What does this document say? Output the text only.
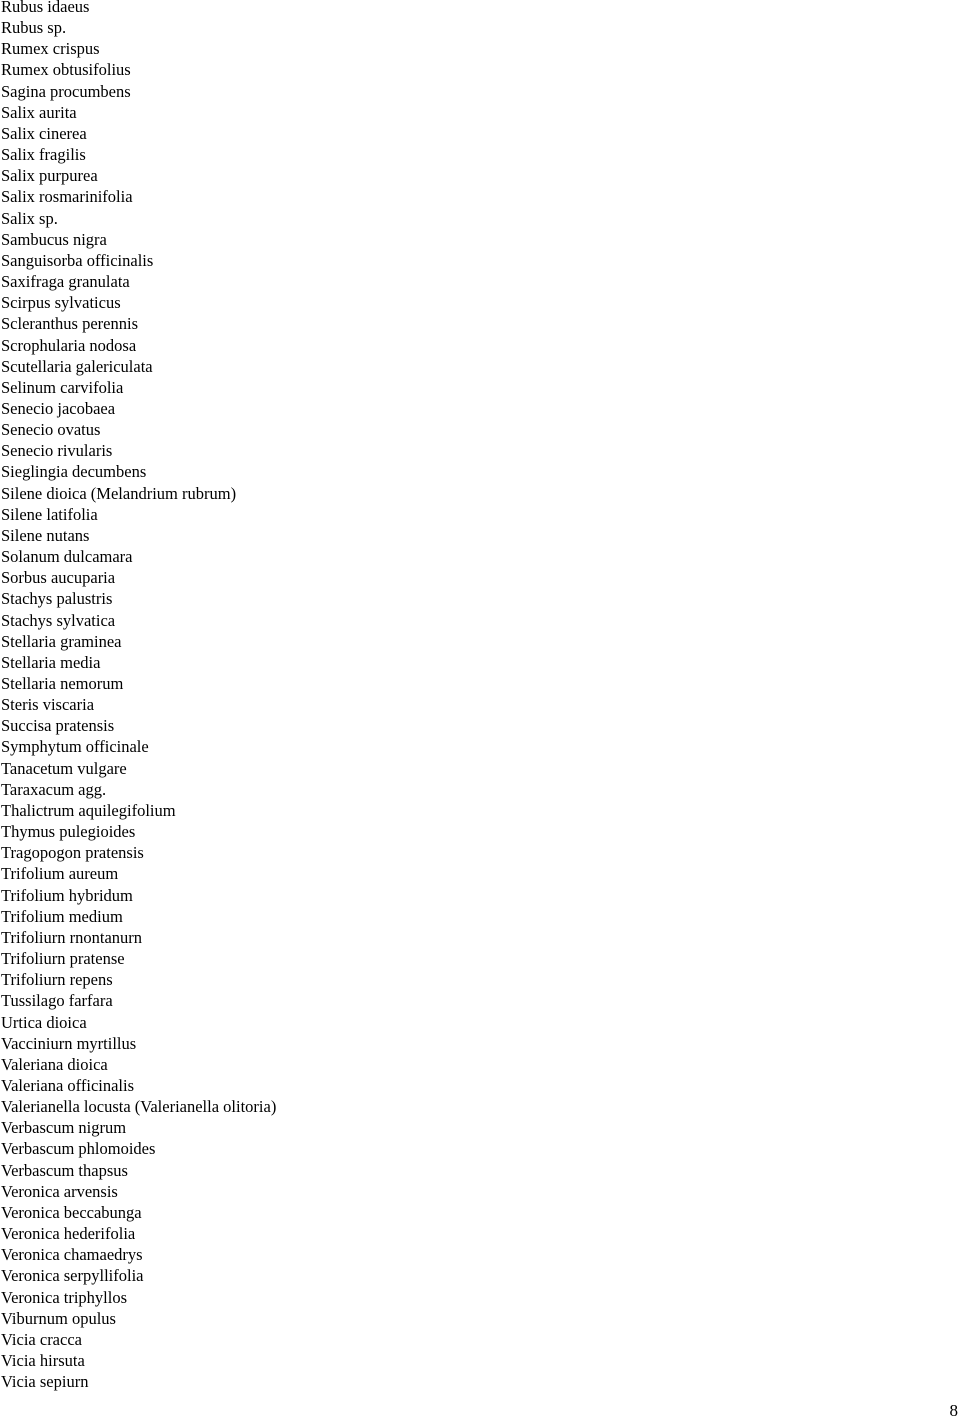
Rubus idaeus
Rubus sp.
Rumex crispus
Rumex obtusifolius
Sagina procumbens
Salix aurita
Salix cinerea
Salix fragilis
Salix purpurea
Salix rosmarinifolia
Salix sp.
Sambucus nigra
Sanguisorba officinalis
Saxifraga granulata
Scirpus sylvaticus
Scleranthus perennis
Scrophularia nodosa
Scutellaria galericulata
Selinum carvifolia
Senecio jacobaea
Senecio ovatus
Senecio rivularis
Sieglingia decumbens
Silene dioica (Melandrium rubrum)
Silene latifolia
Silene nutans
Solanum dulcamara
Sorbus aucuparia
Stachys palustris
Stachys sylvatica
Stellaria graminea
Stellaria media
Stellaria nemorum
Steris viscaria
Succisa pratensis
Symphytum officinale
Tanacetum vulgare
Taraxacum agg.
Thalictrum aquilegifolium
Thymus pulegioides
Tragopogon pratensis
Trifolium aureum
Trifolium hybridum
Trifolium medium
Trifoliurn rnontanurn
Trifoliurn pratense
Trifoliurn repens
Tussilago farfara
Urtica dioica
Vacciniurn myrtillus
Valeriana dioica
Valeriana officinalis
Valerianella locusta (Valerianella olitoria)
Verbascum nigrum
Verbascum phlomoides
Verbascum thapsus
Veronica arvensis
Veronica beccabunga
Veronica hederifolia
Veronica chamaedrys
Veronica serpyllifolia
Veronica triphyllos
Viburnum opulus
Vicia cracca
Vicia hirsuta
Vicia sepiurn
8
